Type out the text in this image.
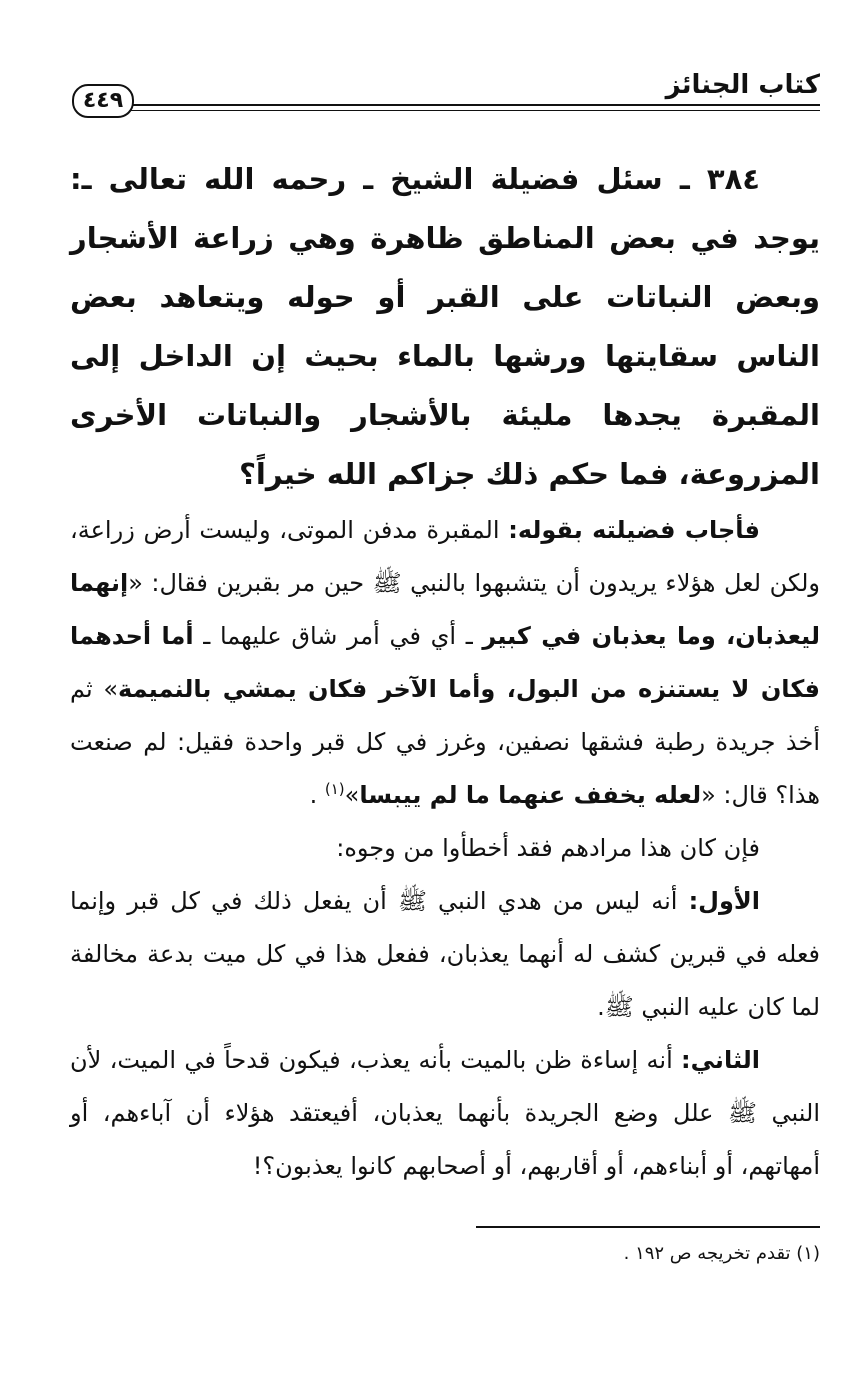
٤٤٩
كتاب الجنائز

٣٨٤ ـ سئل فضيلة الشيخ ـ رحمه الله تعالى ـ: يوجد في بعض المناطق ظاهرة وهي زراعة الأشجار وبعض النباتات على القبر أو حوله ويتعاهد بعض الناس سقايتها ورشها بالماء بحيث إن الداخل إلى المقبرة يجدها مليئة بالأشجار والنباتات الأخرى المزروعة، فما حكم ذلك جزاكم الله خيراً؟

فأجاب فضيلته بقوله: المقبرة مدفن الموتى، وليست أرض زراعة، ولكن لعل هؤلاء يريدون أن يتشبهوا بالنبي ﷺ حين مر بقبرين فقال: «إنهما ليعذبان، وما يعذبان في كبير ـ أي في أمر شاق عليهما ـ أما أحدهما فكان لا يستنزه من البول، وأما الآخر فكان يمشي بالنميمة» ثم أخذ جريدة رطبة فشقها نصفين، وغرز في كل قبر واحدة فقيل: لم صنعت هذا؟ قال: «لعله يخفف عنهما ما لم ييبسا»$^{(١)}$ .

فإن كان هذا مرادهم فقد أخطأوا من وجوه:

الأول: أنه ليس من هدي النبي ﷺ أن يفعل ذلك في كل قبر وإنما فعله في قبرين كشف له أنهما يعذبان، ففعل هذا في كل ميت بدعة مخالفة لما كان عليه النبي ﷺ.

الثاني: أنه إساءة ظن بالميت بأنه يعذب، فيكون قدحاً في الميت، لأن النبي ﷺ علل وضع الجريدة بأنهما يعذبان، أفيعتقد هؤلاء أن آباءهم، أو أمهاتهم، أو أبناءهم، أو أقاربهم، أو أصحابهم كانوا يعذبون؟!

(١) تقدم تخريجه ص ١٩٢ .
